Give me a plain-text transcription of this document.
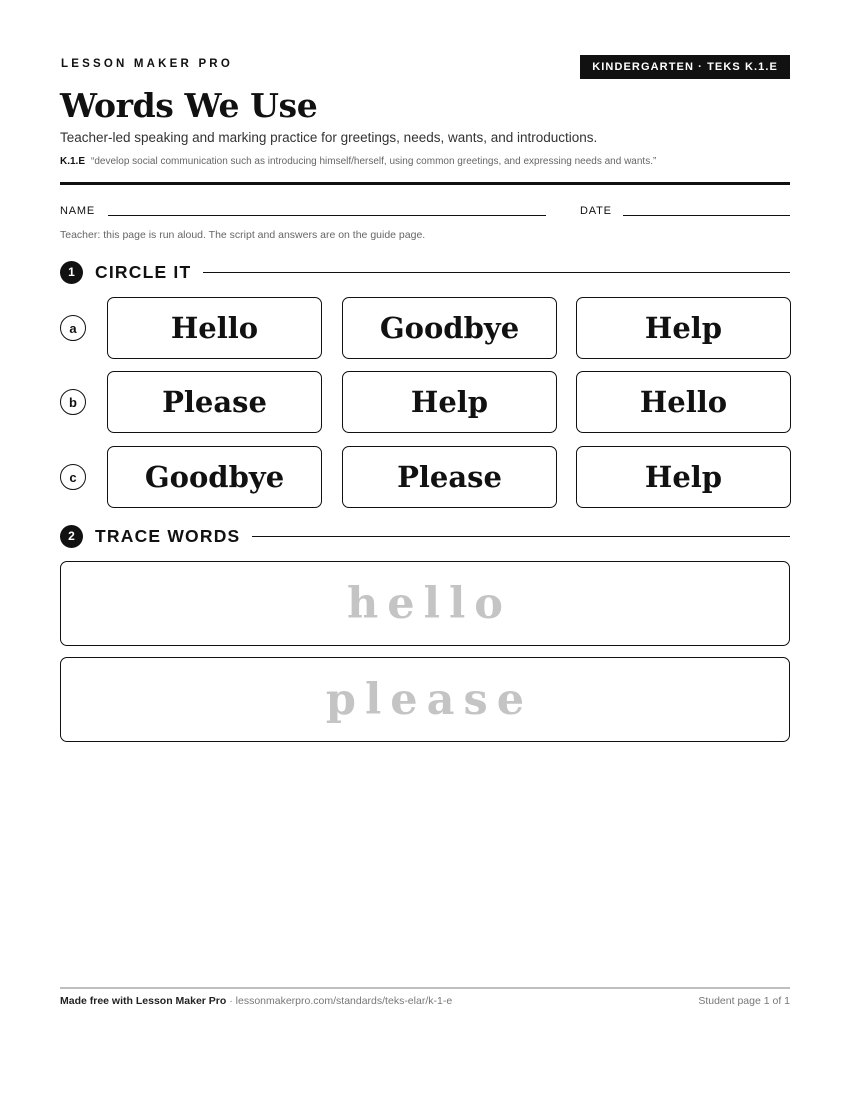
LESSON MAKER PRO	KINDERGARTEN · TEKS K.1.E
Words We Use
Teacher-led speaking and marking practice for greetings, needs, wants, and introductions.
K.1.E “develop social communication such as introducing himself/herself, using common greetings, and expressing needs and wants.”
NAME	DATE
Teacher: this page is run aloud. The script and answers are on the guide page.
1	CIRCLE IT
a	Hello	Goodbye	Help
b	Please	Help	Hello
c	Goodbye	Please	Help
2	TRACE WORDS
hello
please
Made free with Lesson Maker Pro · lessonmakerpro.com/standards/teks-elar/k-1-e	Student page 1 of 1
